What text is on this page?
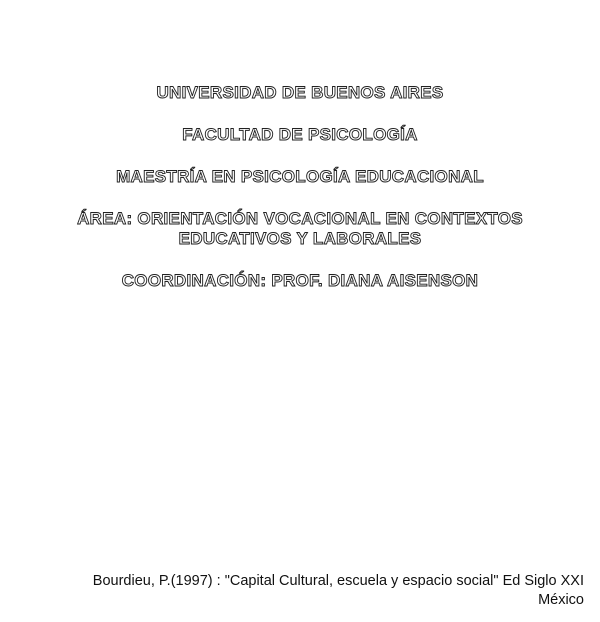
UNIVERSIDAD DE BUENOS AIRES
FACULTAD DE PSICOLOGÍA
MAESTRÍA EN PSICOLOGÍA EDUCACIONAL
ÁREA: ORIENTACIÓN VOCACIONAL EN CONTEXTOS
EDUCATIVOS Y LABORALES
COORDINACIÓN: PROF. DIANA AISENSON
Bourdieu, P.(1997) : "Capital Cultural, escuela y espacio social" Ed Siglo XXI
México
